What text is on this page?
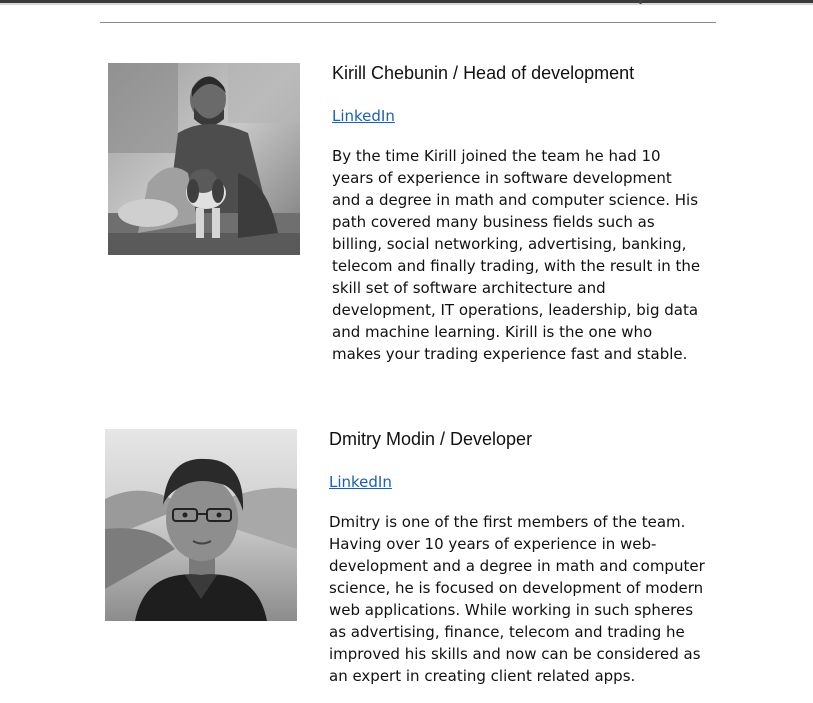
Kirill Chebunin / Head of development
LinkedIn

By the time Kirill joined the team he had 10 years of experience in software development and a degree in math and computer science. His path covered many business fields such as billing, social networking, advertising, banking, telecom and finally trading, with the result in the skill set of software architecture and development, IT operations, leadership, big data and machine learning. Kirill is the one who makes your trading experience fast and stable.

Dmitry Modin / Developer
LinkedIn

Dmitry is one of the first members of the team. Having over 10 years of experience in web-development and a degree in math and computer science, he is focused on development of modern web applications. While working in such spheres as advertising, finance, telecom and trading he improved his skills and now can be considered as an expert in creating client related apps.
